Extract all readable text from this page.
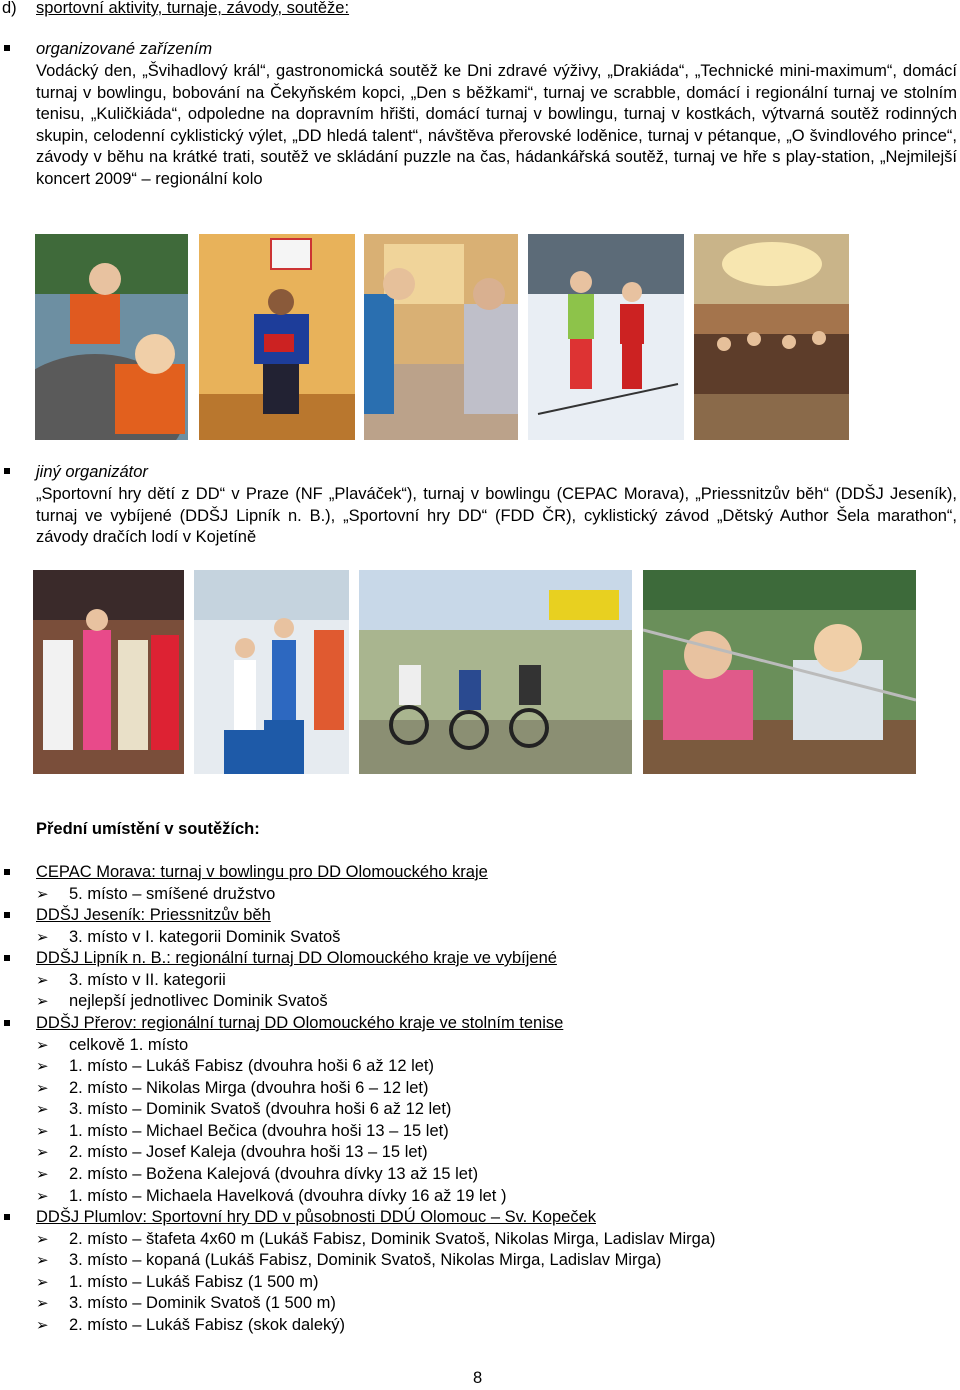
d) sportovní aktivity, turnaje, závody, soutěže:
organizované zařízením
Vodácký den, „Švihadlový král“, gastronomická soutěž ke Dni zdravé výživy, „Drakiáda“, „Technické mini-maximum“, domácí turnaj v bowlingu, bobování na Čekyňském kopci, „Den s běžkami“, turnaj ve scrabble, domácí i regionální turnaj ve stolním tenisu, „Kuličkiáda“, odpoledne na dopravním hřišti, domácí turnaj v bowlingu, turnaj v kostkách, výtvarná soutěž rodinných skupin, celodenní cyklistický výlet, „DD hledá talent“, návštěva přerovské loděnice, turnaj v pétanque, „O švindlového prince“, závody v běhu na krátké trati, soutěž ve skládání puzzle na čas, hádankářská soutěž, turnaj ve hře s play-station, „Nejmilejší koncert 2009“ – regionální kolo
jiný organizátor
„Sportovní hry dětí z DD“ v Praze (NF „Plaváček“), turnaj v bowlingu (CEPAC Morava), „Priessnitzův běh“ (DDŠJ Jeseník), turnaj ve vybíjené (DDŠJ Lipník n. B.), „Sportovní hry DD“ (FDD ČR), cyklistický závod „Dětský Author Šela marathon“, závody dračích lodí v Kojetíně
Přední umístění v soutěžích:
CEPAC Morava: turnaj v bowlingu pro DD Olomouckého kraje
➢ 5. místo – smíšené družstvo
DDŠJ Jeseník: Priessnitzův běh
➢ 3. místo v I. kategorii Dominik Svatoš
DDŠJ Lipník n. B.: regionální turnaj DD Olomouckého kraje ve vybíjené
➢ 3. místo v II. kategorii
➢ nejlepší jednotlivec Dominik Svatoš
DDŠJ Přerov: regionální turnaj DD Olomouckého kraje ve stolním tenise
➢ celkově 1. místo
➢ 1. místo – Lukáš Fabisz (dvouhra hoši 6 až 12 let)
➢ 2. místo – Nikolas Mirga (dvouhra hoši 6 – 12 let)
➢ 3. místo – Dominik Svatoš (dvouhra hoši 6 až 12 let)
➢ 1. místo – Michael Bečica (dvouhra hoši 13 – 15 let)
➢ 2. místo – Josef Kaleja (dvouhra hoši 13 – 15 let)
➢ 2. místo – Božena Kalejová (dvouhra dívky 13 až 15 let)
➢ 1. místo – Michaela Havelková (dvouhra dívky 16 až 19 let )
DDŠJ Plumlov: Sportovní hry DD v působnosti DDÚ Olomouc – Sv. Kopeček
➢ 2. místo – štafeta 4x60 m (Lukáš Fabisz, Dominik Svatoš, Nikolas Mirga, Ladislav Mirga)
➢ 3. místo – kopaná (Lukáš Fabisz, Dominik Svatoš, Nikolas Mirga, Ladislav Mirga)
➢ 1. místo – Lukáš Fabisz (1 500 m)
➢ 3. místo – Dominik Svatoš (1 500 m)
➢ 2. místo – Lukáš Fabisz (skok daleký)
8
